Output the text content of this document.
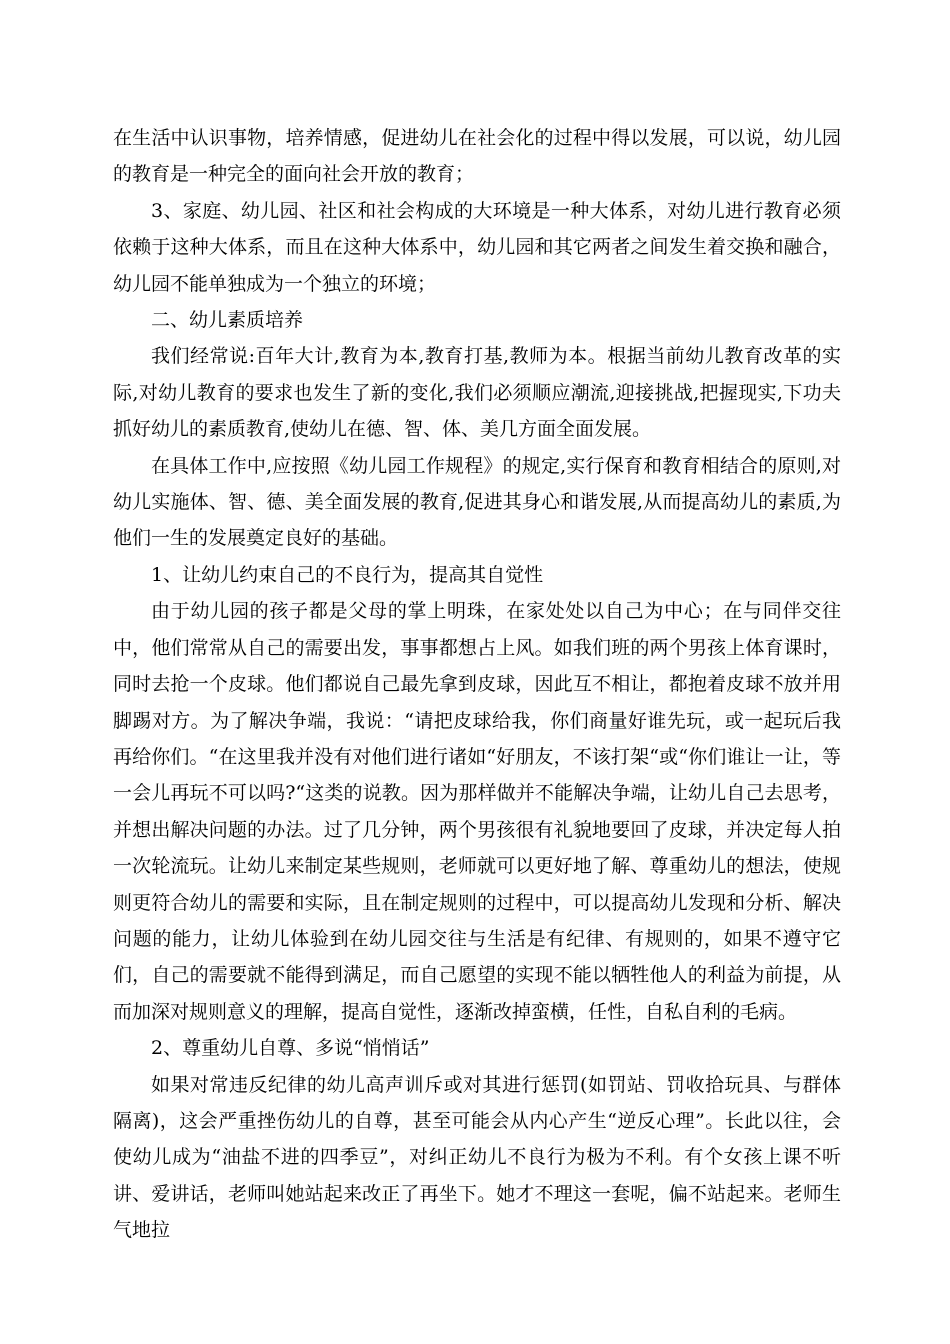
在生活中认识事物，培养情感，促进幼儿在社会化的过程中得以发展，可以说，幼儿园的教育是一种完全的面向社会开放的教育；

3、家庭、幼儿园、社区和社会构成的大环境是一种大体系，对幼儿进行教育必须依赖于这种大体系，而且在这种大体系中，幼儿园和其它两者之间发生着交换和融合，幼儿园不能单独成为一个独立的环境；

二、幼儿素质培养

我们经常说:百年大计,教育为本,教育打基,教师为本。根据当前幼儿教育改革的实际,对幼儿教育的要求也发生了新的变化,我们必须顺应潮流,迎接挑战,把握现实,下功夫抓好幼儿的素质教育,使幼儿在德、智、体、美几方面全面发展。

在具体工作中,应按照《幼儿园工作规程》的规定,实行保育和教育相结合的原则,对幼儿实施体、智、德、美全面发展的教育,促进其身心和谐发展,从而提高幼儿的素质,为他们一生的发展奠定良好的基础。

1、让幼儿约束自己的不良行为，提高其自觉性

由于幼儿园的孩子都是父母的掌上明珠，在家处处以自己为中心；在与同伴交往中，他们常常从自己的需要出发，事事都想占上风。如我们班的两个男孩上体育课时，同时去抢一个皮球。他们都说自己最先拿到皮球，因此互不相让，都抱着皮球不放并用脚踢对方。为了解决争端，我说：“请把皮球给我，你们商量好谁先玩，或一起玩后我再给你们。“在这里我并没有对他们进行诸如“好朋友，不该打架“或“你们谁让一让，等一会儿再玩不可以吗?“这类的说教。因为那样做并不能解决争端，让幼儿自己去思考，并想出解决问题的办法。过了几分钟，两个男孩很有礼貌地要回了皮球，并决定每人拍一次轮流玩。让幼儿来制定某些规则，老师就可以更好地了解、尊重幼儿的想法，使规则更符合幼儿的需要和实际，且在制定规则的过程中，可以提高幼儿发现和分析、解决问题的能力，让幼儿体验到在幼儿园交往与生活是有纪律、有规则的，如果不遵守它们，自己的需要就不能得到满足，而自己愿望的实现不能以牺牲他人的利益为前提，从而加深对规则意义的理解，提高自觉性，逐渐改掉蛮横，任性，自私自利的毛病。

2、尊重幼儿自尊、多说“悄悄话”

如果对常违反纪律的幼儿高声训斥或对其进行惩罚(如罚站、罚收拾玩具、与群体隔离)，这会严重挫伤幼儿的自尊，甚至可能会从内心产生“逆反心理”。长此以往，会使幼儿成为“油盐不进的四季豆”，对纠正幼儿不良行为极为不利。有个女孩上课不听讲、爱讲话，老师叫她站起来改正了再坐下。她才不理这一套呢，偏不站起来。老师生气地拉
